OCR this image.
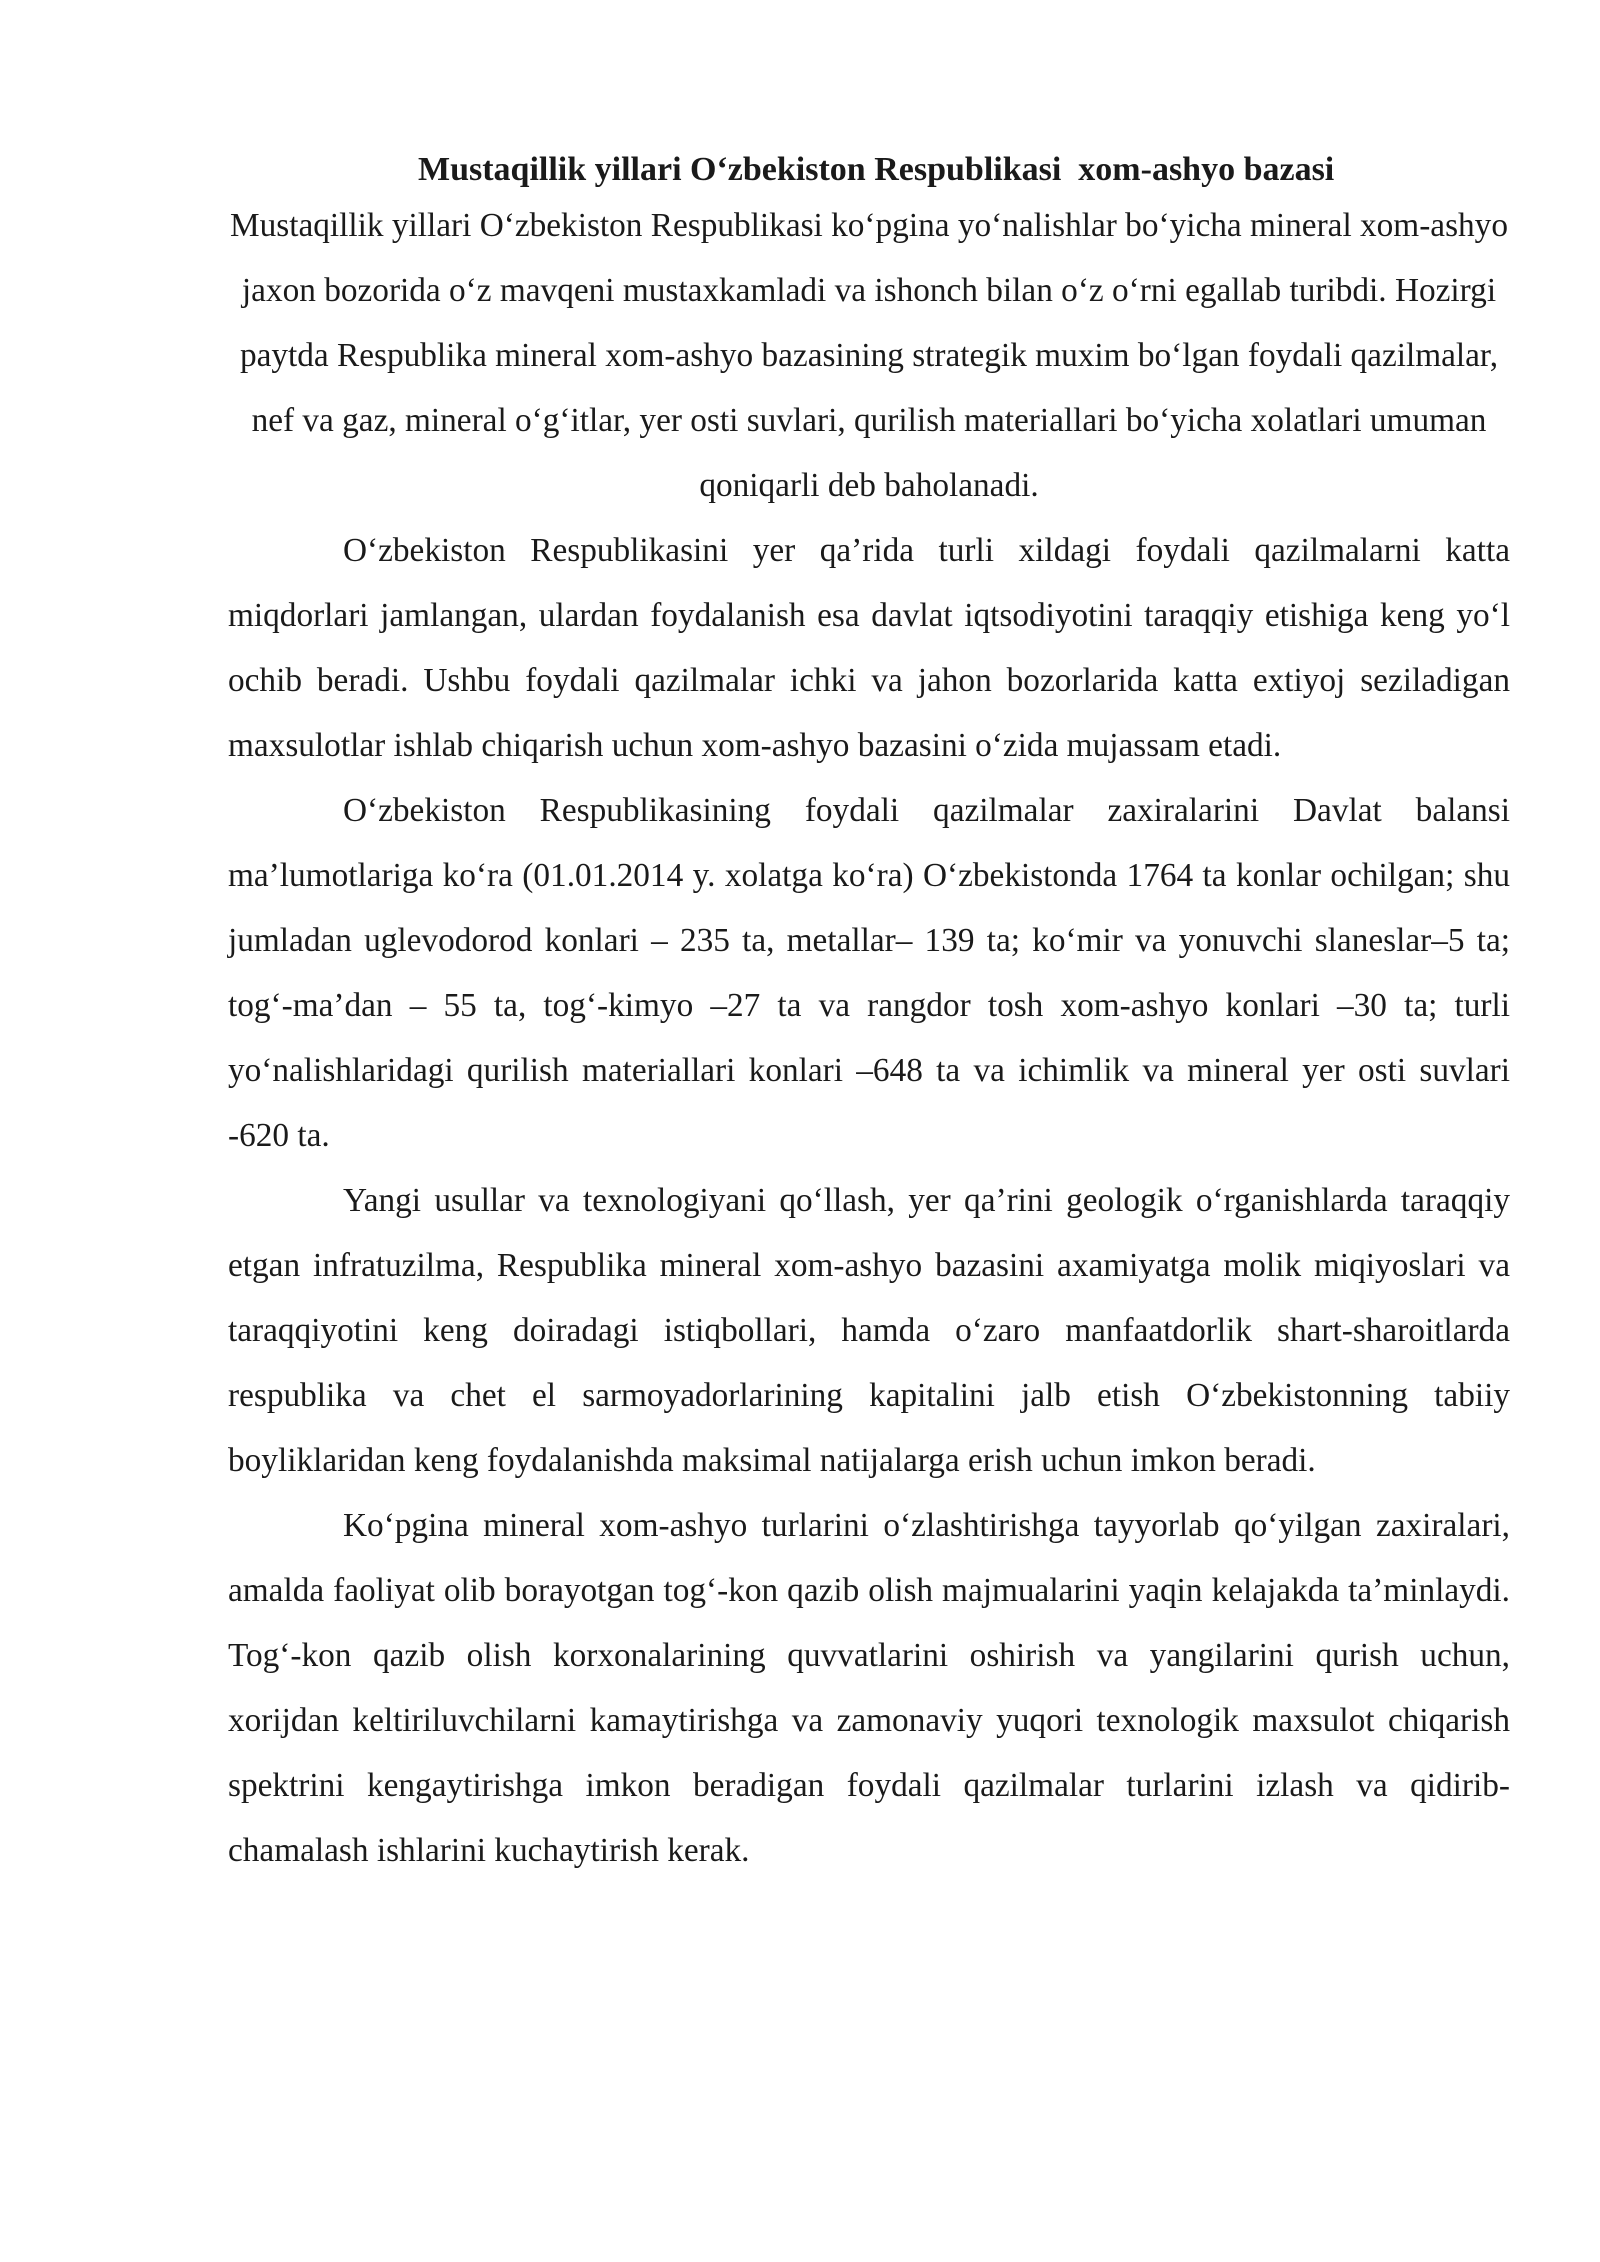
Mustaqillik yillari O‘zbekiston Respublikasi  xom-ashyo bazasi

Mustaqillik yillari O‘zbekiston Respublikasi ko‘pgina yo‘nalishlar bo‘yicha mineral xom-ashyo jaxon bozorida o‘z mavqeni mustaxkamladi va ishonch bilan o‘z o‘rni egallab turibdi. Hozirgi paytda Respublika mineral xom-ashyo bazasining strategik muxim bo‘lgan foydali qazilmalar, nef va gaz, mineral o‘g‘itlar, yer osti suvlari, qurilish materiallari bo‘yicha xolatlari umuman qoniqarli deb baholanadi.

O‘zbekiston Respublikasini yer qa’rida turli xildagi foydali qazilmalarni katta miqdorlari jamlangan, ulardan foydalanish esa davlat iqtsodiyotini taraqqiy etishiga keng yo‘l ochib beradi. Ushbu foydali qazilmalar ichki va jahon bozorlarida katta extiyoj seziladigan maxsulotlar ishlab chiqarish uchun xom-ashyo bazasini o‘zida mujassam etadi.

O‘zbekiston Respublikasining foydali qazilmalar zaxiralarini Davlat balansi ma’lumotlariga ko‘ra (01.01.2014 y. xolatga ko‘ra) O‘zbekistonda 1764 ta konlar ochilgan; shu jumladan uglevodorod konlari – 235 ta, metallar– 139 ta; ko‘mir va yonuvchi slaneslar–5 ta; tog‘-ma’dan – 55 ta, tog‘-kimyo –27 ta va rangdor tosh xom-ashyo konlari –30 ta; turli yo‘nalishlaridagi qurilish materiallari konlari –648 ta va ichimlik va mineral yer osti suvlari -620 ta.

Yangi usullar va texnologiyani qo‘llash, yer qa’rini geologik o‘rganishlarda taraqqiy etgan infratuzilma, Respublika mineral xom-ashyo bazasini axamiyatga molik miqiyoslari va taraqqiyotini keng doiradagi istiqbollari, hamda o‘zaro manfaatdorlik shart-sharoitlarda respublika va chet el sarmoyadorlarining kapitalini jalb etish O‘zbekistonning tabiiy boyliklaridan keng foydalanishda maksimal natijalarga erish uchun imkon beradi.

Ko‘pgina mineral xom-ashyo turlarini o‘zlashtirishga tayyorlab qo‘yilgan zaxiralari, amalda faoliyat olib borayotgan tog‘-kon qazib olish majmualarini yaqin kelajakda ta’minlaydi. Tog‘-kon qazib olish korxonalarining quvvatlarini oshirish va yangilarini qurish uchun, xorijdan keltiriluvchilarni kamaytirishga va zamonaviy yuqori texnologik maxsulot chiqarish spektrini kengaytirishga imkon beradigan foydali qazilmalar turlarini izlash va qidirib-chamalash ishlarini kuchaytirish kerak.
